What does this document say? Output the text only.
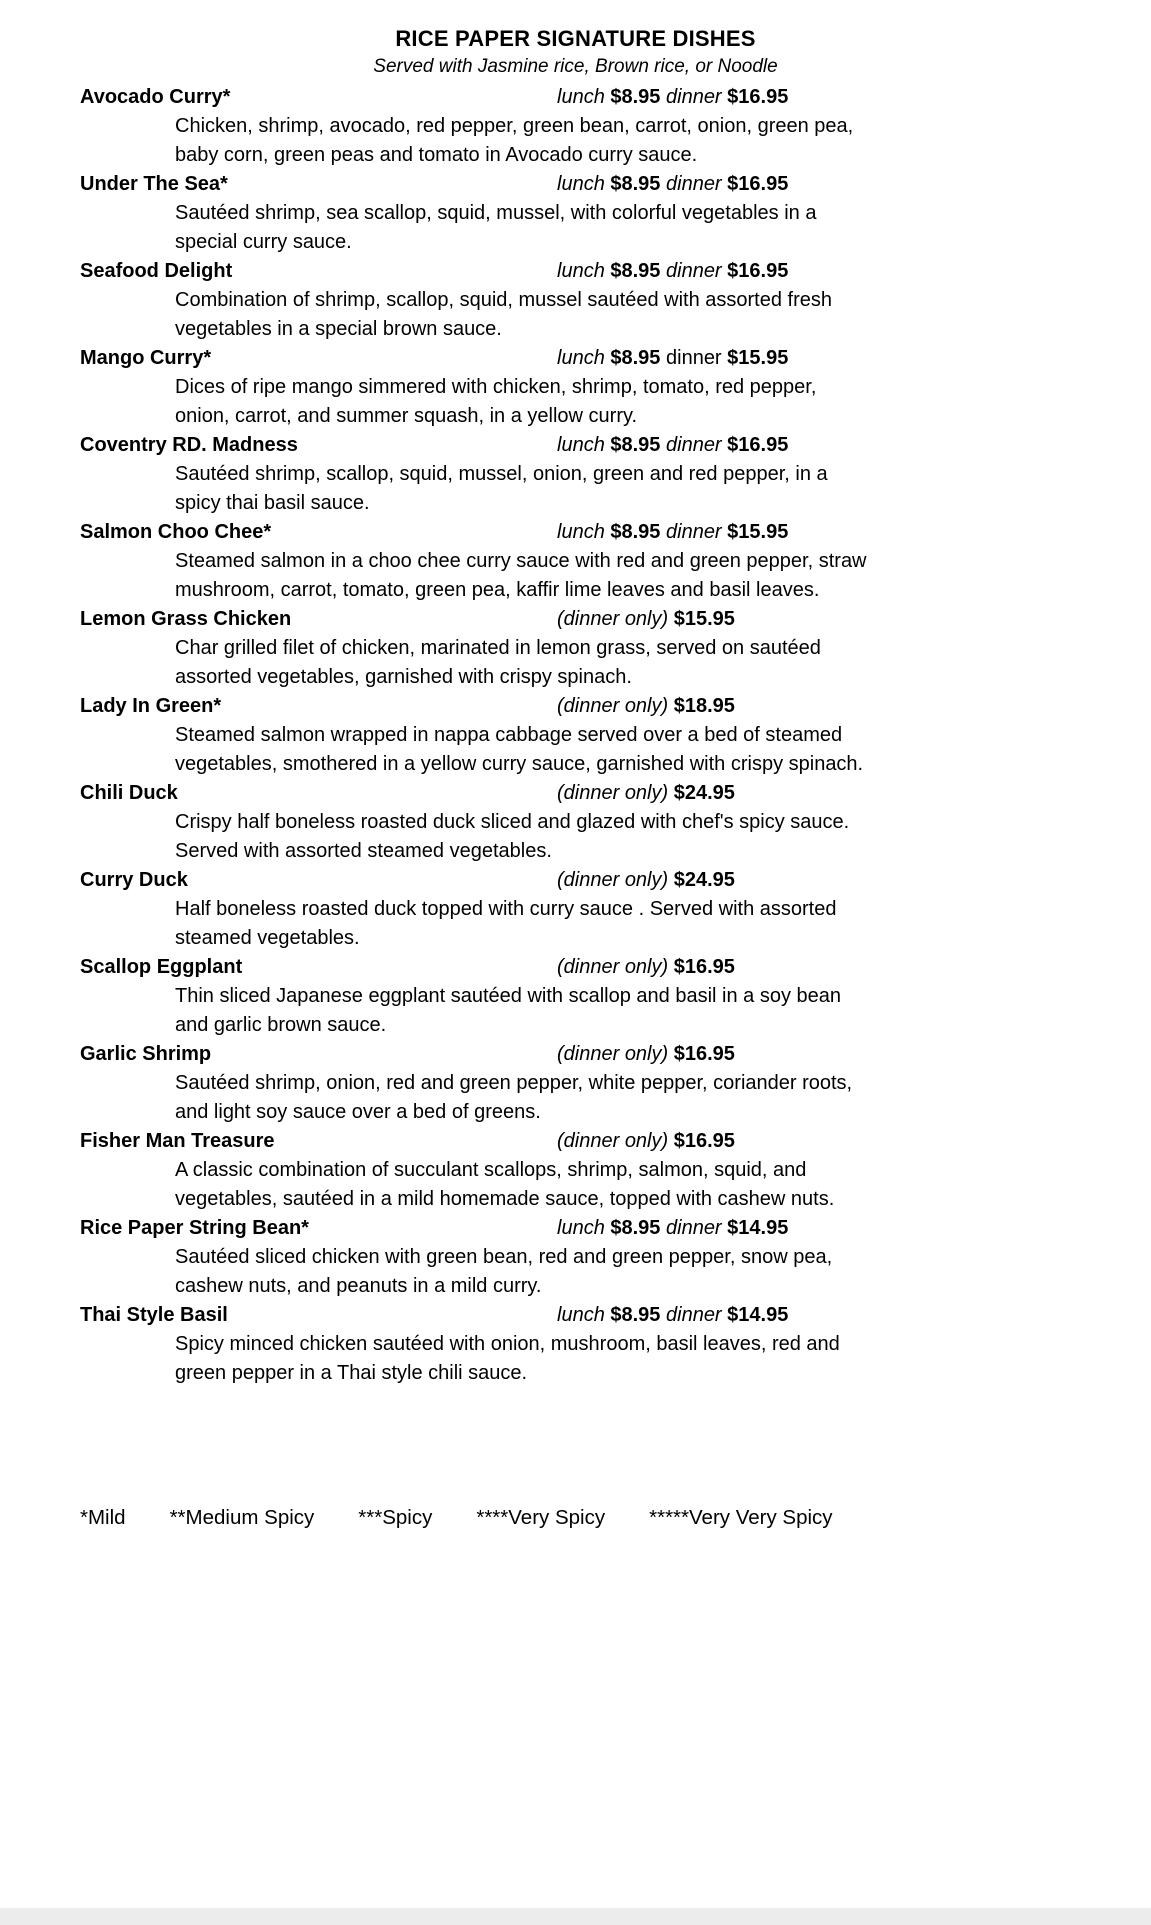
RICE PAPER SIGNATURE DISHES
Served with Jasmine rice, Brown rice, or Noodle
Avocado Curry*	lunch $8.95 dinner $16.95
Chicken, shrimp, avocado, red pepper, green bean, carrot, onion, green pea, baby corn, green peas and tomato in Avocado curry sauce.
Under The Sea*	lunch $8.95 dinner $16.95
Sautéed shrimp, sea scallop, squid, mussel, with colorful vegetables in a special curry sauce.
Seafood Delight	lunch $8.95 dinner $16.95
Combination of shrimp, scallop, squid, mussel sautéed with assorted fresh vegetables in a special brown sauce.
Mango Curry*	lunch $8.95 dinner $15.95
Dices of ripe mango simmered with chicken, shrimp, tomato, red pepper, onion, carrot, and summer squash, in a yellow curry.
Coventry RD. Madness	lunch $8.95 dinner $16.95
Sautéed shrimp, scallop, squid, mussel, onion, green and red pepper, in a spicy thai basil sauce.
Salmon Choo Chee*	lunch $8.95 dinner $15.95
Steamed salmon in a choo chee curry sauce with red and green pepper, straw mushroom, carrot, tomato, green pea, kaffir lime leaves and basil leaves.
Lemon Grass Chicken	(dinner only) $15.95
Char grilled filet of chicken, marinated in lemon grass, served on sautéed assorted vegetables, garnished with crispy spinach.
Lady In Green*	(dinner only) $18.95
Steamed salmon wrapped in nappa cabbage served over a bed of steamed vegetables, smothered in a yellow curry sauce, garnished with crispy spinach.
Chili Duck	(dinner only) $24.95
Crispy half boneless roasted duck sliced and glazed with chef's spicy sauce. Served with assorted steamed vegetables.
Curry Duck	(dinner only) $24.95
Half boneless roasted duck topped with curry sauce . Served with assorted steamed vegetables.
Scallop Eggplant	(dinner only) $16.95
Thin sliced Japanese eggplant sautéed with scallop and basil in a soy bean and garlic brown sauce.
Garlic Shrimp	(dinner only) $16.95
Sautéed shrimp, onion, red and green pepper, white pepper, coriander roots, and light soy sauce over a bed of greens.
Fisher Man Treasure	(dinner only) $16.95
A classic combination of succulant scallops, shrimp, salmon, squid, and vegetables, sautéed in a mild homemade sauce, topped with cashew nuts.
Rice Paper String Bean*	lunch $8.95 dinner $14.95
Sautéed sliced chicken with green bean, red and green pepper, snow pea, cashew nuts, and peanuts in a mild curry.
Thai Style Basil	lunch $8.95 dinner $14.95
Spicy minced chicken sautéed with onion, mushroom, basil leaves, red and green pepper in a Thai style chili sauce.
*Mild **Medium Spicy ***Spicy ****Very Spicy *****Very Very Spicy
